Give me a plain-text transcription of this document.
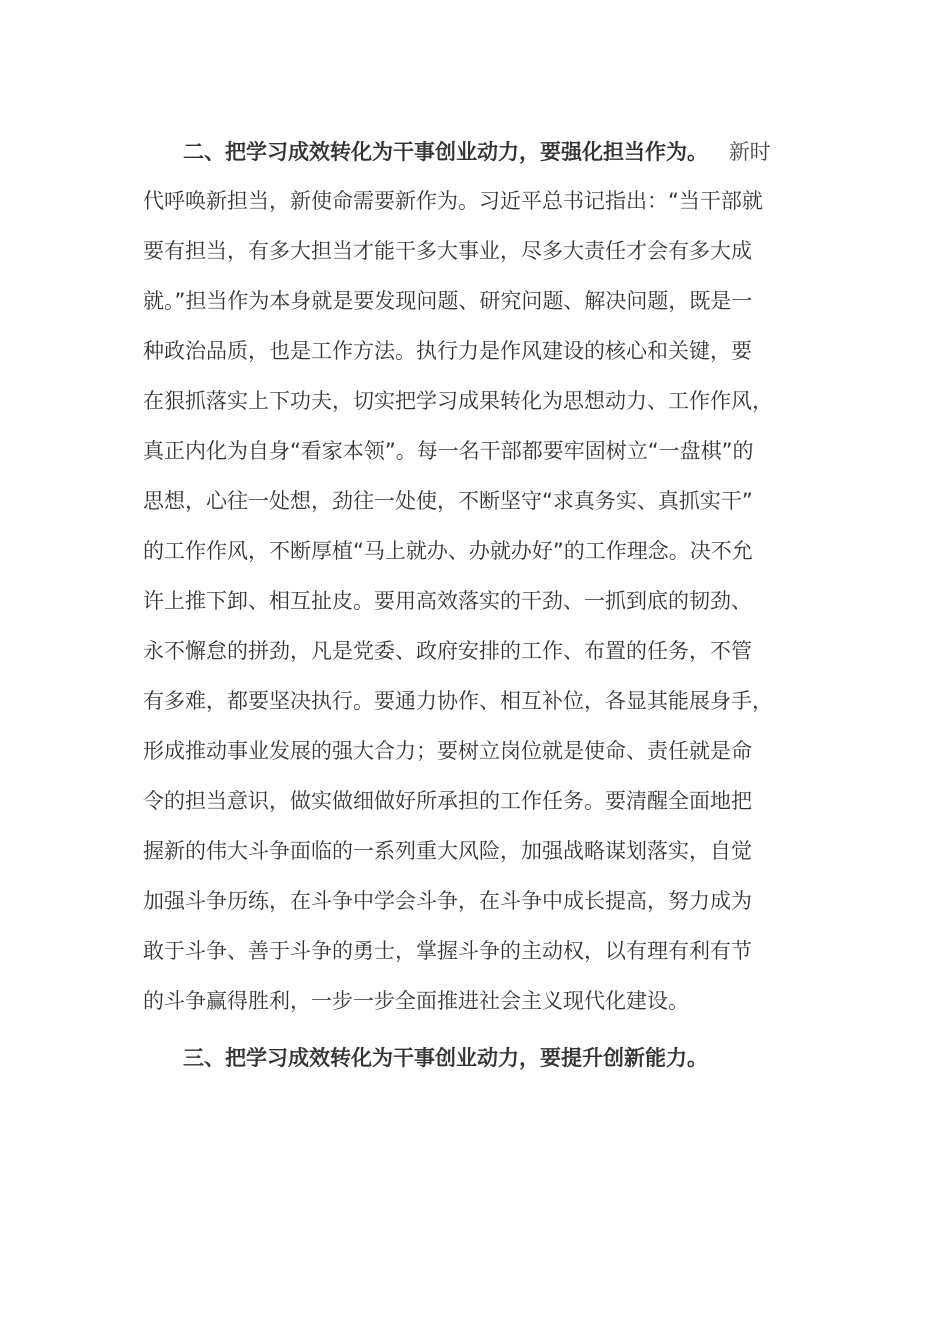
二、把学习成效转化为干事创业动力，要强化担当作为。 新时
代呼唤新担当，新使命需要新作为。习近平总书记指出：“当干部就
要有担当，有多大担当才能干多大事业，尽多大责任才会有多大成
就。”担当作为本身就是要发现问题、研究问题、解决问题，既是一
种政治品质，也是工作方法。执行力是作风建设的核心和关键，要
在狠抓落实上下功夫，切实把学习成果转化为思想动力、工作作风，
真正内化为自身“看家本领”。每一名干部都要牢固树立“一盘棋”的
思想，心往一处想，劲往一处使，不断坚守“求真务实、真抓实干”
的工作作风，不断厚植“马上就办、办就办好”的工作理念。决不允
许上推下卸、相互扯皮。要用高效落实的干劲、一抓到底的韧劲、
永不懈怠的拼劲，凡是党委、政府安排的工作、布置的任务，不管
有多难，都要坚决执行。要通力协作、相互补位，各显其能展身手，
形成推动事业发展的强大合力；要树立岗位就是使命、责任就是命
令的担当意识，做实做细做好所承担的工作任务。要清醒全面地把
握新的伟大斗争面临的一系列重大风险，加强战略谋划落实，自觉
加强斗争历练，在斗争中学会斗争，在斗争中成长提高，努力成为
敢于斗争、善于斗争的勇士，掌握斗争的主动权，以有理有利有节
的斗争赢得胜利，一步一步全面推进社会主义现代化建设。
三、把学习成效转化为干事创业动力，要提升创新能力。
